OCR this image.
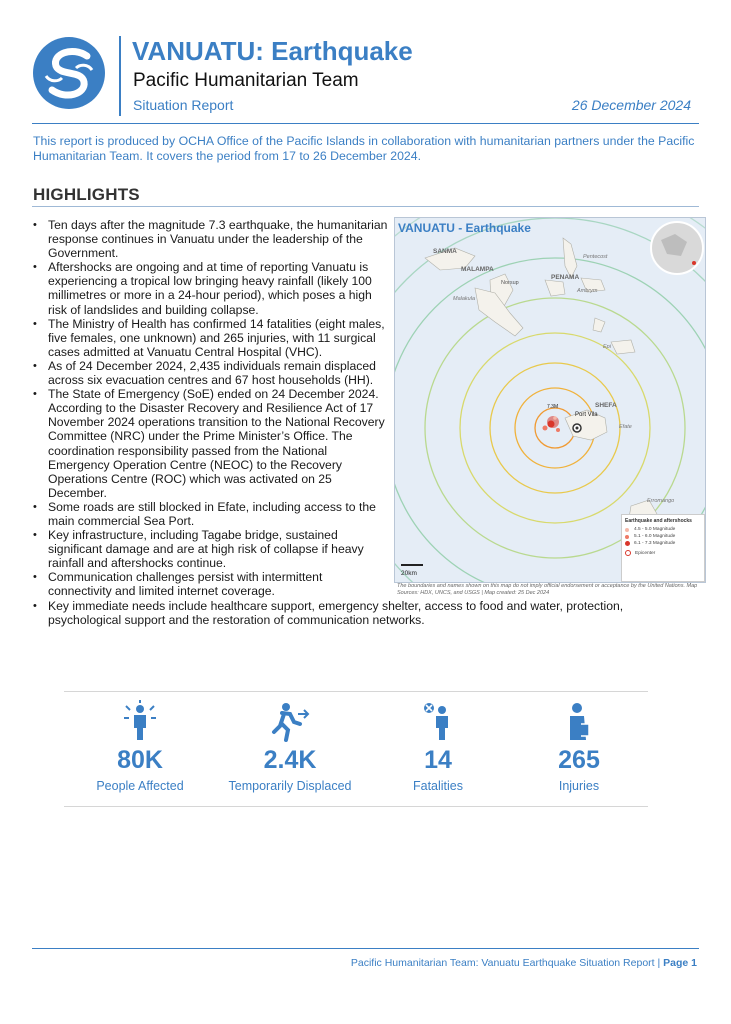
VANUATU: Earthquake
Pacific Humanitarian Team
Situation Report	26 December 2024
This report is produced by OCHA Office of the Pacific Islands in collaboration with humanitarian partners under the Pacific Humanitarian Team. It covers the period from 17 to 26 December 2024.
HIGHLIGHTS
• Ten days after the magnitude 7.3 earthquake, the humanitarian response continues in Vanuatu under the leadership of the Government.
• Aftershocks are ongoing and at time of reporting Vanuatu is experiencing a tropical low bringing heavy rainfall (likely 100 millimetres or more in a 24-hour period), which poses a high risk of landslides and building collapse.
• The Ministry of Health has confirmed 14 fatalities (eight males, five females, one unknown) and 265 injuries, with 11 surgical cases admitted at Vanuatu Central Hospital (VHC).
• As of 24 December 2024, 2,435 individuals remain displaced across six evacuation centres and 67 host households (HH).
• The State of Emergency (SoE) ended on 24 December 2024. According to the Disaster Recovery and Resilience Act of 17 November 2024 operations transition to the National Recovery Committee (NRC) under the Prime Minister’s Office. The coordination responsibility passed from the National Emergency Operation Centre (NEOC) to the Recovery Operations Centre (ROC) which was activated on 25 December.
• Some roads are still blocked in Efate, including access to the main commercial Sea Port.
• Key infrastructure, including Tagabe bridge, sustained significant damage and are at high risk of collapse if heavy rainfall and aftershocks continue.
• Communication challenges persist with intermittent connectivity and limited internet coverage.
• Key immediate needs include healthcare support, emergency shelter, access to food and water, protection, psychological support and the restoration of communication networks.
VANUATU - Earthquake
SANMA
MALAMPA
PENAMA
SHEFA
Pentecost
Ambrym
Malakula
Norsup
Epi
Efate
Port Vila
Erromango
7.3M
20km
Earthquake and aftershocks
4.5 - 5.0 Magnitude
5.1 - 6.0 Magnitude
6.1 - 7.3 Magnitude
Epicenter
The boundaries and names shown on this map do not imply official endorsement or acceptance by the United Nations. Map Sources: HDX, UNCS, and USGS | Map created: 25 Dec 2024
80K
People Affected
2.4K
Temporarily Displaced
14
Fatalities
265
Injuries
Pacific Humanitarian Team: Vanuatu Earthquake Situation Report | Page 1
